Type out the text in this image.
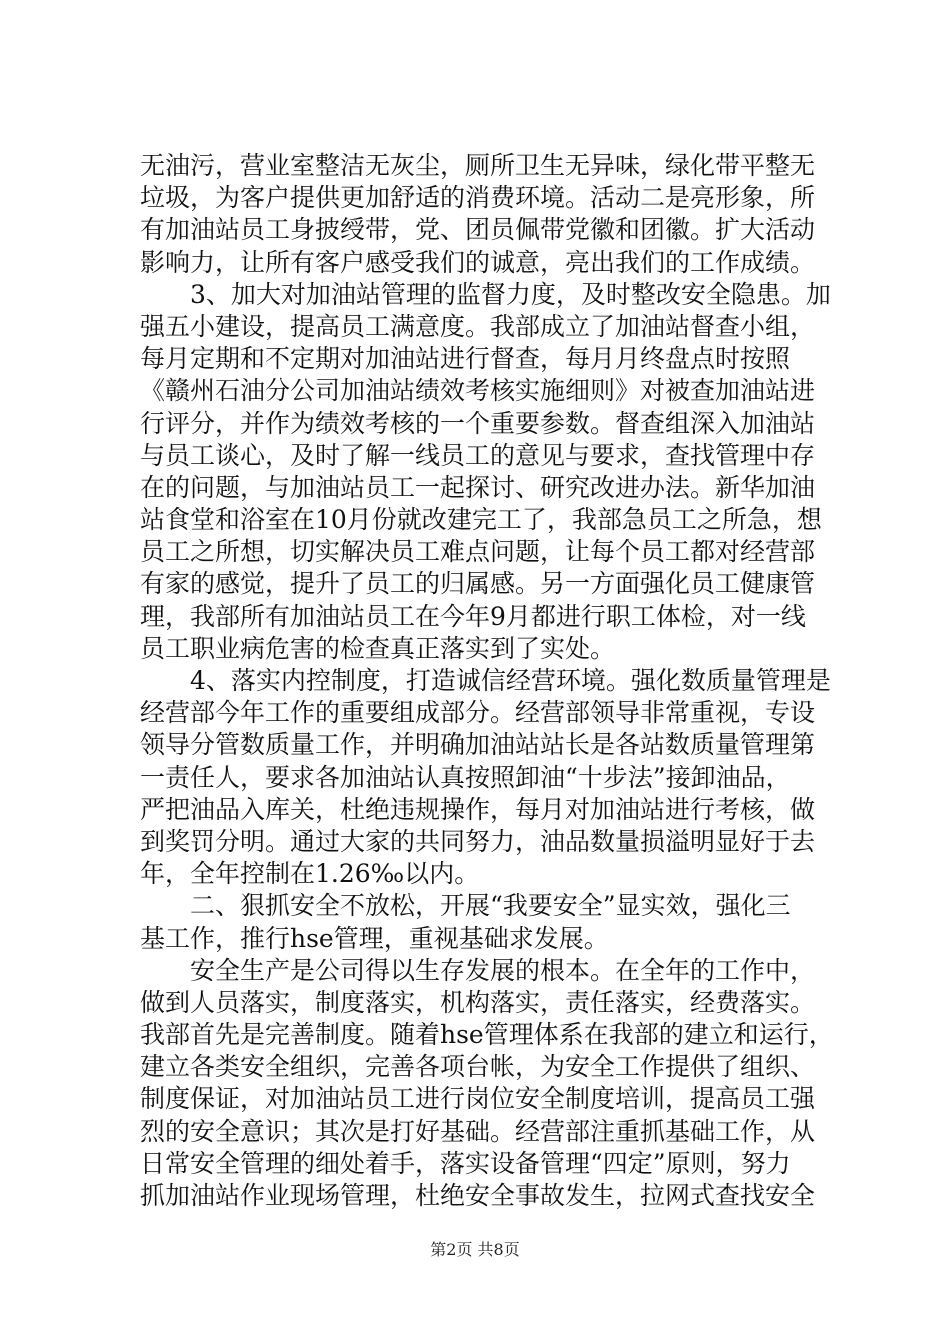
无油污，营业室整洁无灰尘，厕所卫生无异味，绿化带平整无
垃圾，为客户提供更加舒适的消费环境。活动二是亮形象，所
有加油站员工身披绶带，党、团员佩带党徽和团徽。扩大活动
影响力，让所有客户感受我们的诚意，亮出我们的工作成绩。
　　3、加大对加油站管理的监督力度，及时整改安全隐患。加
强五小建设，提高员工满意度。我部成立了加油站督查小组，
每月定期和不定期对加油站进行督查，每月月终盘点时按照
《赣州石油分公司加油站绩效考核实施细则》对被查加油站进
行评分，并作为绩效考核的一个重要参数。督查组深入加油站
与员工谈心，及时了解一线员工的意见与要求，查找管理中存
在的问题，与加油站员工一起探讨、研究改进办法。新华加油
站食堂和浴室在10月份就改建完工了，我部急员工之所急，想
员工之所想，切实解决员工难点问题，让每个员工都对经营部
有家的感觉，提升了员工的归属感。另一方面强化员工健康管
理，我部所有加油站员工在今年9月都进行职工体检，对一线
员工职业病危害的检查真正落实到了实处。
　　4、落实内控制度，打造诚信经营环境。强化数质量管理是
经营部今年工作的重要组成部分。经营部领导非常重视，专设
领导分管数质量工作，并明确加油站站长是各站数质量管理第
一责任人，要求各加油站认真按照卸油“十步法”接卸油品，
严把油品入库关，杜绝违规操作，每月对加油站进行考核，做
到奖罚分明。通过大家的共同努力，油品数量损溢明显好于去
年，全年控制在1.26‰以内。
　　二、狠抓安全不放松，开展“我要安全”显实效，强化三
基工作，推行hse管理，重视基础求发展。
　　安全生产是公司得以生存发展的根本。在全年的工作中，
做到人员落实，制度落实，机构落实，责任落实，经费落实。
我部首先是完善制度。随着hse管理体系在我部的建立和运行，
建立各类安全组织，完善各项台帐，为安全工作提供了组织、
制度保证，对加油站员工进行岗位安全制度培训，提高员工强
烈的安全意识；其次是打好基础。经营部注重抓基础工作，从
日常安全管理的细处着手，落实设备管理“四定”原则，努力
抓加油站作业现场管理，杜绝安全事故发生，拉网式查找安全
第2页 共8页
